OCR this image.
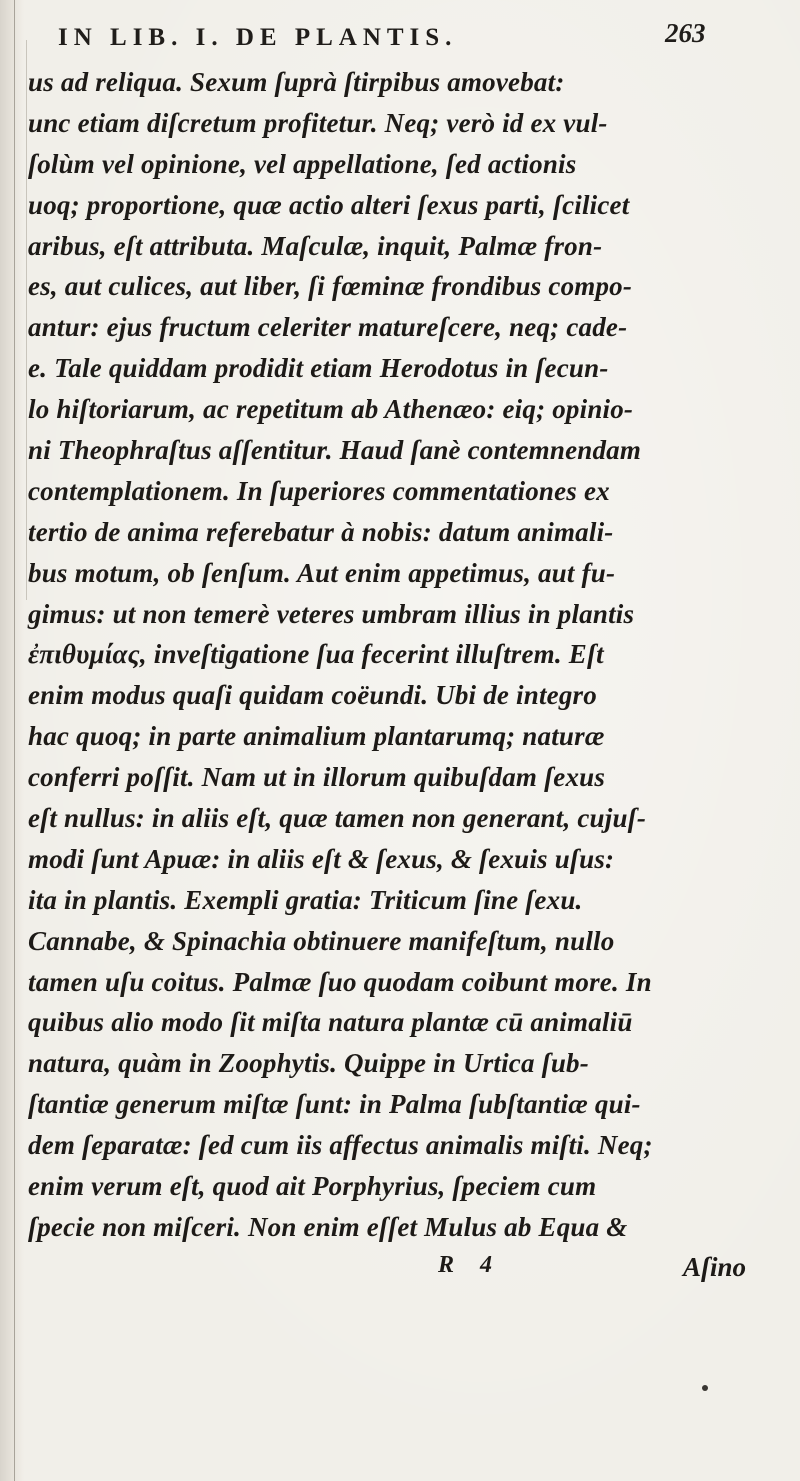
IN LIB. I. DE PLANTIS.	263
us ad reliqua. Sexum ſuprà ſtirpibus amovebat:
unc etiam diſcretum profitetur. Neq; verò id ex vul-
ſolùm vel opinione, vel appellatione, ſed actionis
uoq; proportione, quæ actio alteri ſexus parti, ſcilicet
aribus, eſt attributa. Maſculæ, inquit, Palmæ fron-
es, aut culices, aut liber, ſi fœminæ frondibus compo-
antur: ejus fructum celeriter matureſcere, neq; cade-
e. Tale quiddam prodidit etiam Herodotus in ſecun-
lo hiſtoriarum, ac repetitum ab Athenæo: eiq; opinio-
ni Theophraſtus aſſentitur. Haud ſanè contemnendam
contemplationem. In ſuperiores commentationes ex
tertio de anima referebatur à nobis: datum animali-
bus motum, ob ſenſum. Aut enim appetimus, aut fu-
gimus: ut non temerè veteres umbram illius in plantis
ἐπιθυμίας, inveſtigatione ſua fecerint illuſtrem. Eſt
enim modus quaſi quidam coëundi. Ubi de integro
hac quoq; in parte animalium plantarumq; naturæ
conferri poſſit. Nam ut in illorum quibuſdam ſexus
eſt nullus: in aliis eſt, quæ tamen non generant, cujuſ-
modi ſunt Apuæ: in aliis eſt & ſexus, & ſexuis uſus:
ita in plantis. Exempli gratia: Triticum ſine ſexu.
Cannabe, & Spinachia obtinuere manifeſtum, nullo
tamen uſu coitus. Palmæ ſuo quodam coibunt more. In
quibus alio modo ſit miſta natura plantæ cū animaliū
natura, quàm in Zoophytis. Quippe in Urtica ſub-
ſtantiæ generum miſtæ ſunt: in Palma ſubſtantiæ qui-
dem ſeparatæ: ſed cum iis affectus animalis miſti. Neq;
enim verum eſt, quod ait Porphyrius, ſpeciem cum
ſpecie non miſceri. Non enim eſſet Mulus ab Equa &
R 4	Aſino
